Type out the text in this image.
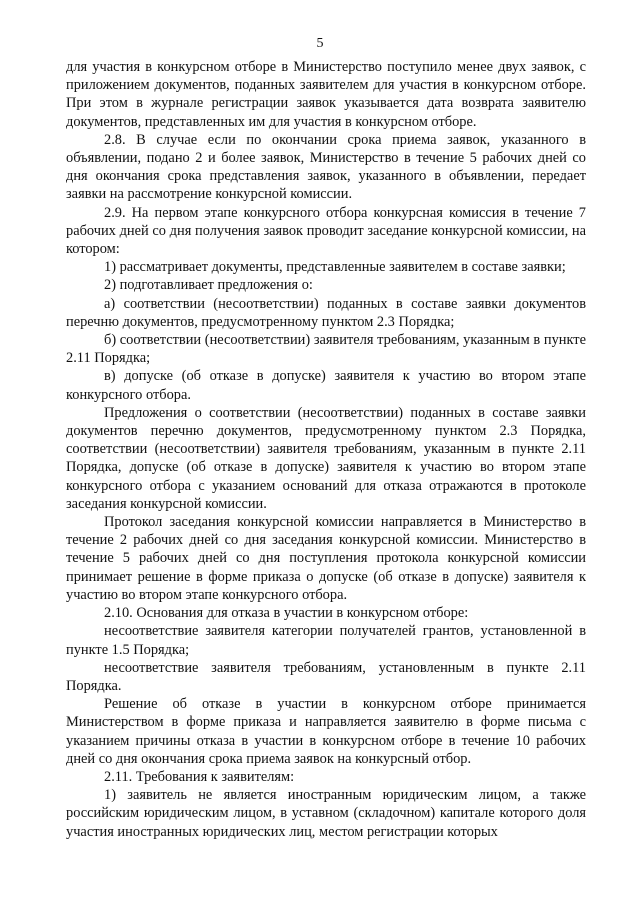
5

для участия в конкурсном отборе в Министерство поступило менее двух заявок, с приложением документов, поданных заявителем для участия в конкурсном отборе. При этом в журнале регистрации заявок указывается дата возврата заявителю документов, представленных им для участия в конкурсном отборе.

2.8. В случае если по окончании срока приема заявок, указанного в объявлении, подано 2 и более заявок, Министерство в течение 5 рабочих дней со дня окончания срока представления заявок, указанного в объявлении, передает заявки на рассмотрение конкурсной комиссии.

2.9. На первом этапе конкурсного отбора конкурсная комиссия в течение 7 рабочих дней со дня получения заявок проводит заседание конкурсной комиссии, на котором:

1) рассматривает документы, представленные заявителем в составе заявки;

2) подготавливает предложения о:

а) соответствии (несоответствии) поданных в составе заявки документов перечню документов, предусмотренному пунктом 2.3 Порядка;

б) соответствии (несоответствии) заявителя требованиям, указанным в пункте 2.11 Порядка;

в) допуске (об отказе в допуске) заявителя к участию во втором этапе конкурсного отбора.

Предложения о соответствии (несоответствии) поданных в составе заявки документов перечню документов, предусмотренному пунктом 2.3 Порядка, соответствии (несоответствии) заявителя требованиям, указанным в пункте 2.11 Порядка, допуске (об отказе в допуске) заявителя к участию во втором этапе конкурсного отбора с указанием оснований для отказа отражаются в протоколе заседания конкурсной комиссии.

Протокол заседания конкурсной комиссии направляется в Министерство в течение 2 рабочих дней со дня заседания конкурсной комиссии. Министерство в течение 5 рабочих дней со дня поступления протокола конкурсной комиссии принимает решение в форме приказа о допуске (об отказе в допуске) заявителя к участию во втором этапе конкурсного отбора.

2.10. Основания для отказа в участии в конкурсном отборе:

несоответствие заявителя категории получателей грантов, установленной в пункте 1.5 Порядка;

несоответствие заявителя требованиям, установленным в пункте 2.11 Порядка.

Решение об отказе в участии в конкурсном отборе принимается Министерством в форме приказа и направляется заявителю в форме письма с указанием причины отказа в участии в конкурсном отборе в течение 10 рабочих дней со дня окончания срока приема заявок на конкурсный отбор.

2.11. Требования к заявителям:

1) заявитель не является иностранным юридическим лицом, а также российским юридическим лицом, в уставном (складочном) капитале которого доля участия иностранных юридических лиц, местом регистрации которых
